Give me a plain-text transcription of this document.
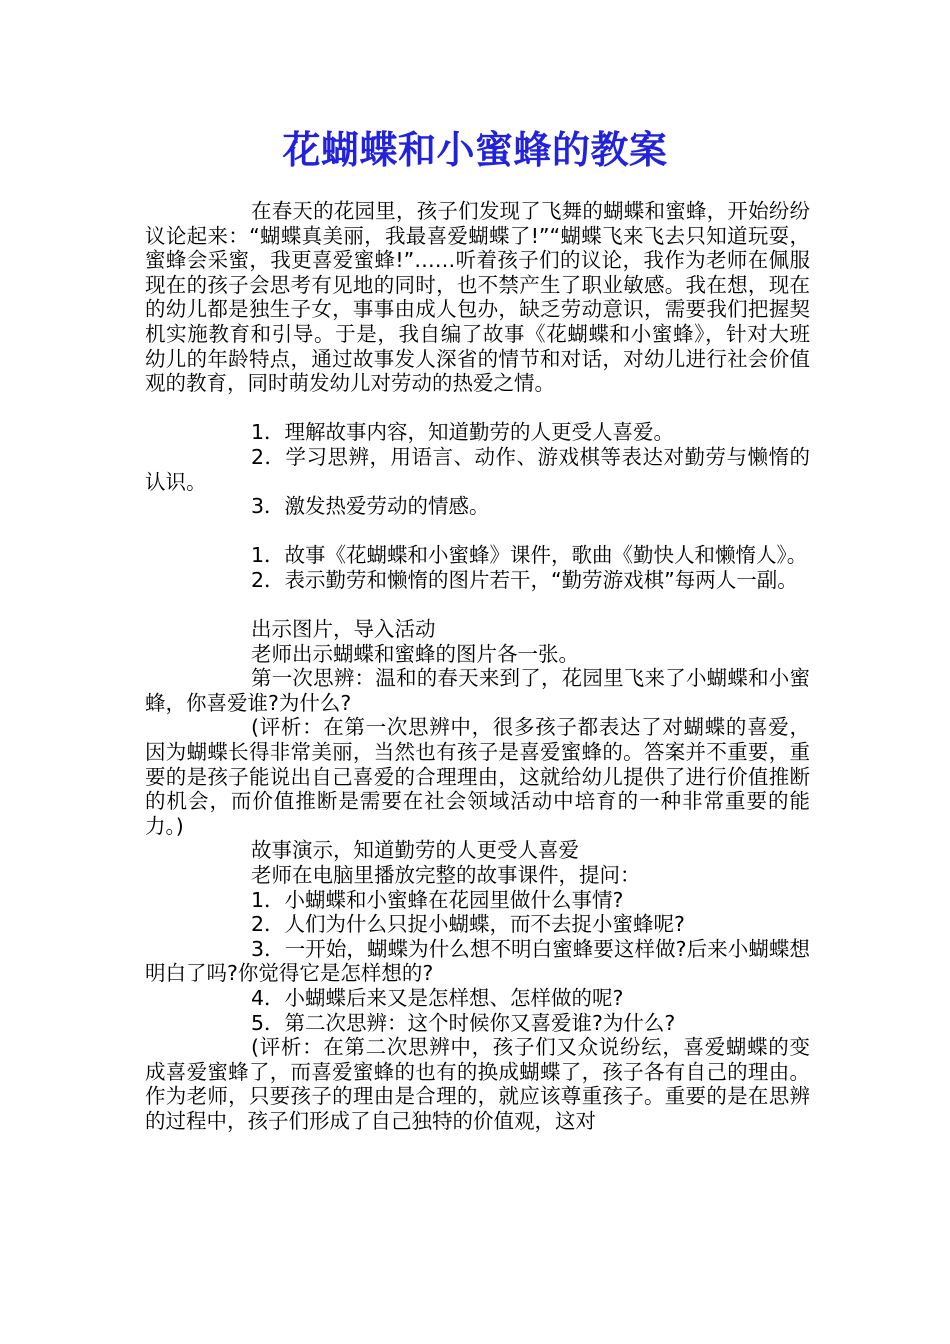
花蝴蝶和小蜜蜂的教案

在春天的花园里，孩子们发现了飞舞的蝴蝶和蜜蜂，开始纷纷议论起来：“蝴蝶真美丽，我最喜爱蝴蝶了!”“蝴蝶飞来飞去只知道玩耍，蜜蜂会采蜜，我更喜爱蜜蜂!”……听着孩子们的议论，我作为老师在佩服现在的孩子会思考有见地的同时，也不禁产生了职业敏感。我在想，现在的幼儿都是独生子女，事事由成人包办，缺乏劳动意识，需要我们把握契机实施教育和引导。于是，我自编了故事《花蝴蝶和小蜜蜂》，针对大班幼儿的年龄特点，通过故事发人深省的情节和对话，对幼儿进行社会价值观的教育，同时萌发幼儿对劳动的热爱之情。

1．理解故事内容，知道勤劳的人更受人喜爱。

2．学习思辨，用语言、动作、游戏棋等表达对勤劳与懒惰的认识。

3．激发热爱劳动的情感。

1．故事《花蝴蝶和小蜜蜂》课件，歌曲《勤快人和懒惰人》。

2．表示勤劳和懒惰的图片若干，“勤劳游戏棋”每两人一副。

出示图片，导入活动

老师出示蝴蝶和蜜蜂的图片各一张。

第一次思辨：温和的春天来到了，花园里飞来了小蝴蝶和小蜜蜂，你喜爱谁?为什么?

(评析：在第一次思辨中，很多孩子都表达了对蝴蝶的喜爱，因为蝴蝶长得非常美丽，当然也有孩子是喜爱蜜蜂的。答案并不重要，重要的是孩子能说出自己喜爱的合理理由，这就给幼儿提供了进行价值推断的机会，而价值推断是需要在社会领域活动中培育的一种非常重要的能力。)

故事演示，知道勤劳的人更受人喜爱

老师在电脑里播放完整的故事课件，提问：

1．小蝴蝶和小蜜蜂在花园里做什么事情?

2．人们为什么只捉小蝴蝶，而不去捉小蜜蜂呢?

3．一开始，蝴蝶为什么想不明白蜜蜂要这样做?后来小蝴蝶想明白了吗?你觉得它是怎样想的?

4．小蝴蝶后来又是怎样想、怎样做的呢?

5．第二次思辨：这个时候你又喜爱谁?为什么?

(评析：在第二次思辨中，孩子们又众说纷纭，喜爱蝴蝶的变成喜爱蜜蜂了，而喜爱蜜蜂的也有的换成蝴蝶了，孩子各有自己的理由。作为老师，只要孩子的理由是合理的，就应该尊重孩子。重要的是在思辨的过程中，孩子们形成了自己独特的价值观，这对
